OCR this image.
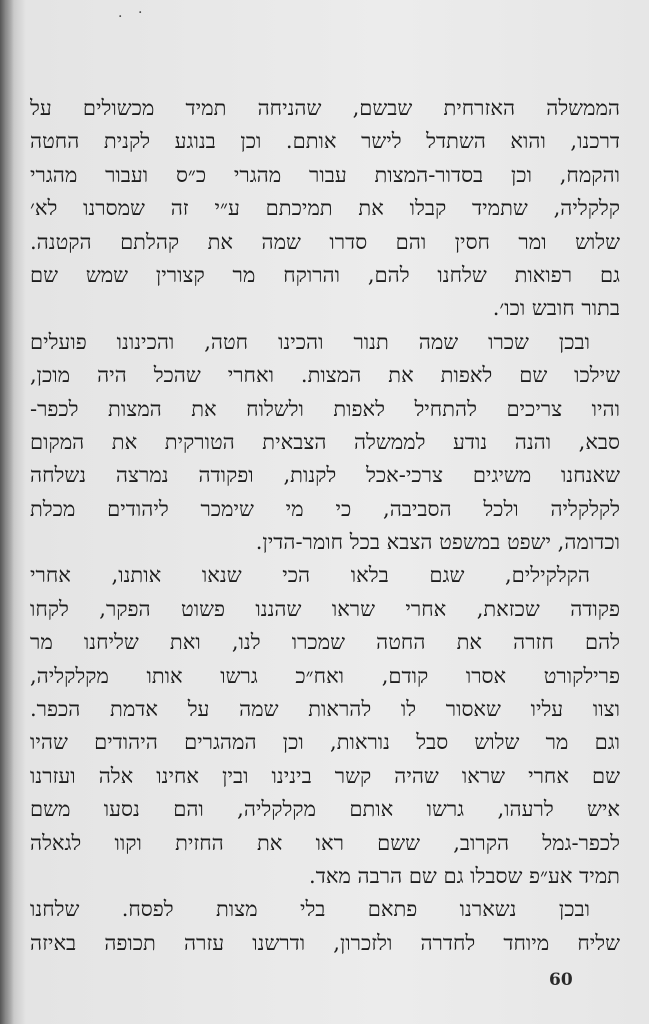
· ·
הממשלה האזרחית שבשם, שהניחה תמיד מכשולים על
דרכנו, והוא השתדל לישר אותם. וכן בנוגע לקנית החטה
והקמח, וכן בסדור-המצות עבור מהגרי כ״ס ועבור מהגרי
קלקליה, שתמיד קבלו את תמיכתם ע״י זה שמסרנו לא׳
שלוש ומר חסין והם סדרו שמה את קהלתם הקטנה.
גם רפואות שלחנו להם, והרוקח מר קצורין שמש שם
בתור חובש וכו׳.
ובכן שכרו שמה תנור והכינו חטה, והכינונו פועלים
שילכו שם לאפות את המצות. ואחרי שהכל היה מוכן,
והיו צריכים להתחיל לאפות ולשלוח את המצות לכפר-
סבא, והנה נודע לממשלה הצבאית הטורקית את המקום
שאנחנו משיגים צרכי-אכל לקנות, ופקודה נמרצה נשלחה
לקלקליה ולכל הסביבה, כי מי שימכר ליהודים מכלת
וכדומה, ישפט במשפט הצבא בכל חומר-הדין.
הקלקילים, שגם בלאו הכי שנאו אותנו, אחרי
פקודה שכזאת, אחרי שראו שהננו פשוט הפקר, לקחו
להם חזרה את החטה שמכרו לנו, ואת שליחנו מר
פרילקורט אסרו קודם, ואח״כ גרשו אותו מקלקליה,
וצוו עליו שאסור לו להראות שמה על אדמת הכפר.
וגם מר שלוש סבל נוראות, וכן המהגרים היהודים שהיו
שם אחרי שראו שהיה קשר בינינו ובין אחינו אלה ועזרנו
איש לרעהו, גרשו אותם מקלקליה, והם נסעו משם
לכפר-גמל הקרוב, ששם ראו את החזית וקוו לגאלה
תמיד אע״פ שסבלו גם שם הרבה מאד.
ובכן נשארנו פתאם בלי מצות לפסח. שלחנו
שליח מיוחד לחדרה ולזכרון, ודרשנו עזרה תכופה באיזה
60
